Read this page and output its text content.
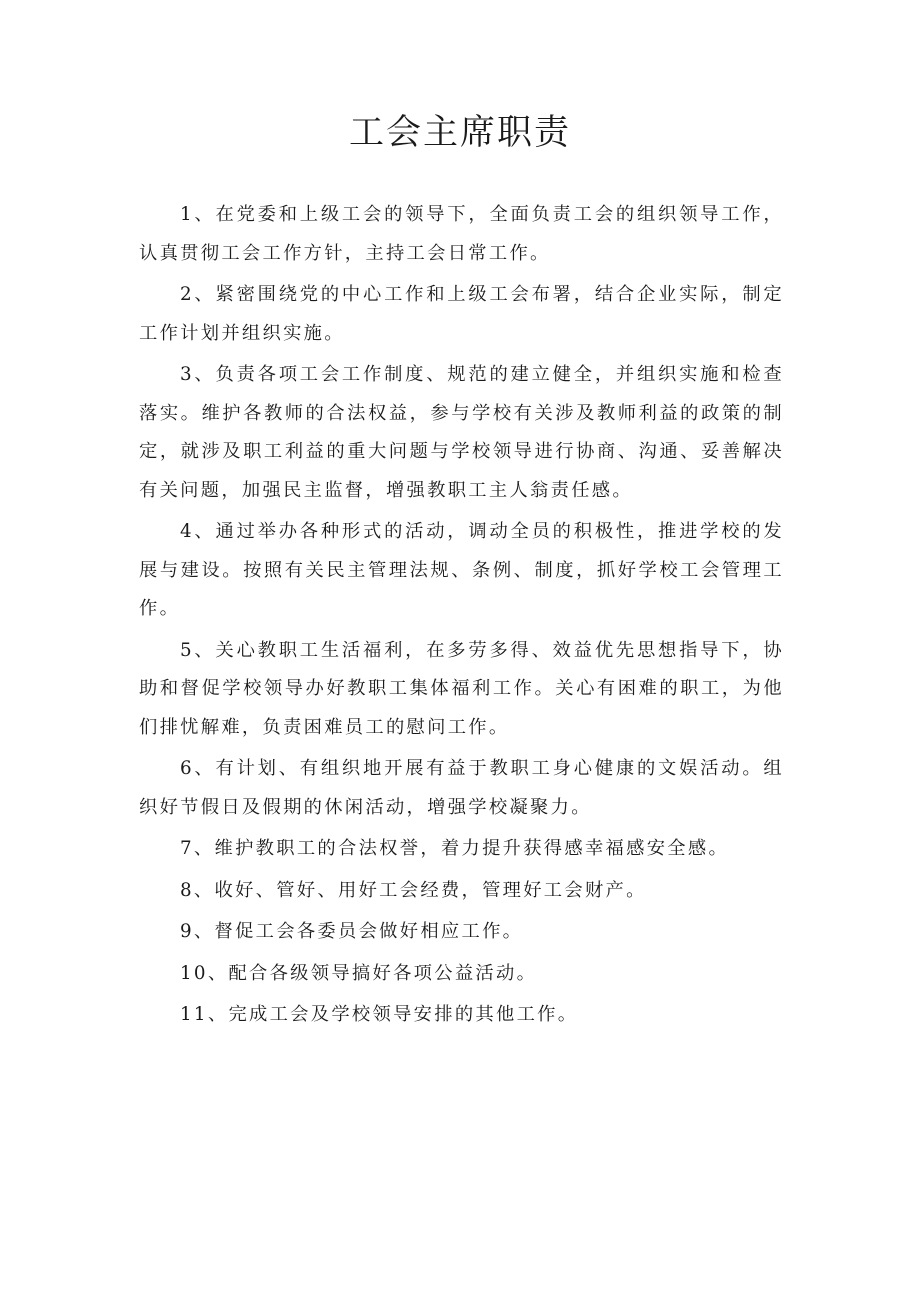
工会主席职责

1、在党委和上级工会的领导下，全面负责工会的组织领导工作，认真贯彻工会工作方针，主持工会日常工作。

2、紧密围绕党的中心工作和上级工会布署，结合企业实际，制定工作计划并组织实施。

3、负责各项工会工作制度、规范的建立健全，并组织实施和检查落实。维护各教师的合法权益，参与学校有关涉及教师利益的政策的制定，就涉及职工利益的重大问题与学校领导进行协商、沟通、妥善解决有关问题，加强民主监督，增强教职工主人翁责任感。

4、通过举办各种形式的活动，调动全员的积极性，推进学校的发展与建设。按照有关民主管理法规、条例、制度，抓好学校工会管理工作。

5、关心教职工生活福利，在多劳多得、效益优先思想指导下，协助和督促学校领导办好教职工集体福利工作。关心有困难的职工，为他们排忧解难，负责困难员工的慰问工作。

6、有计划、有组织地开展有益于教职工身心健康的文娱活动。组织好节假日及假期的休闲活动，增强学校凝聚力。

7、维护教职工的合法权誉，着力提升获得感幸福感安全感。

8、收好、管好、用好工会经费，管理好工会财产。

9、督促工会各委员会做好相应工作。

10、配合各级领导搞好各项公益活动。

11、完成工会及学校领导安排的其他工作。
